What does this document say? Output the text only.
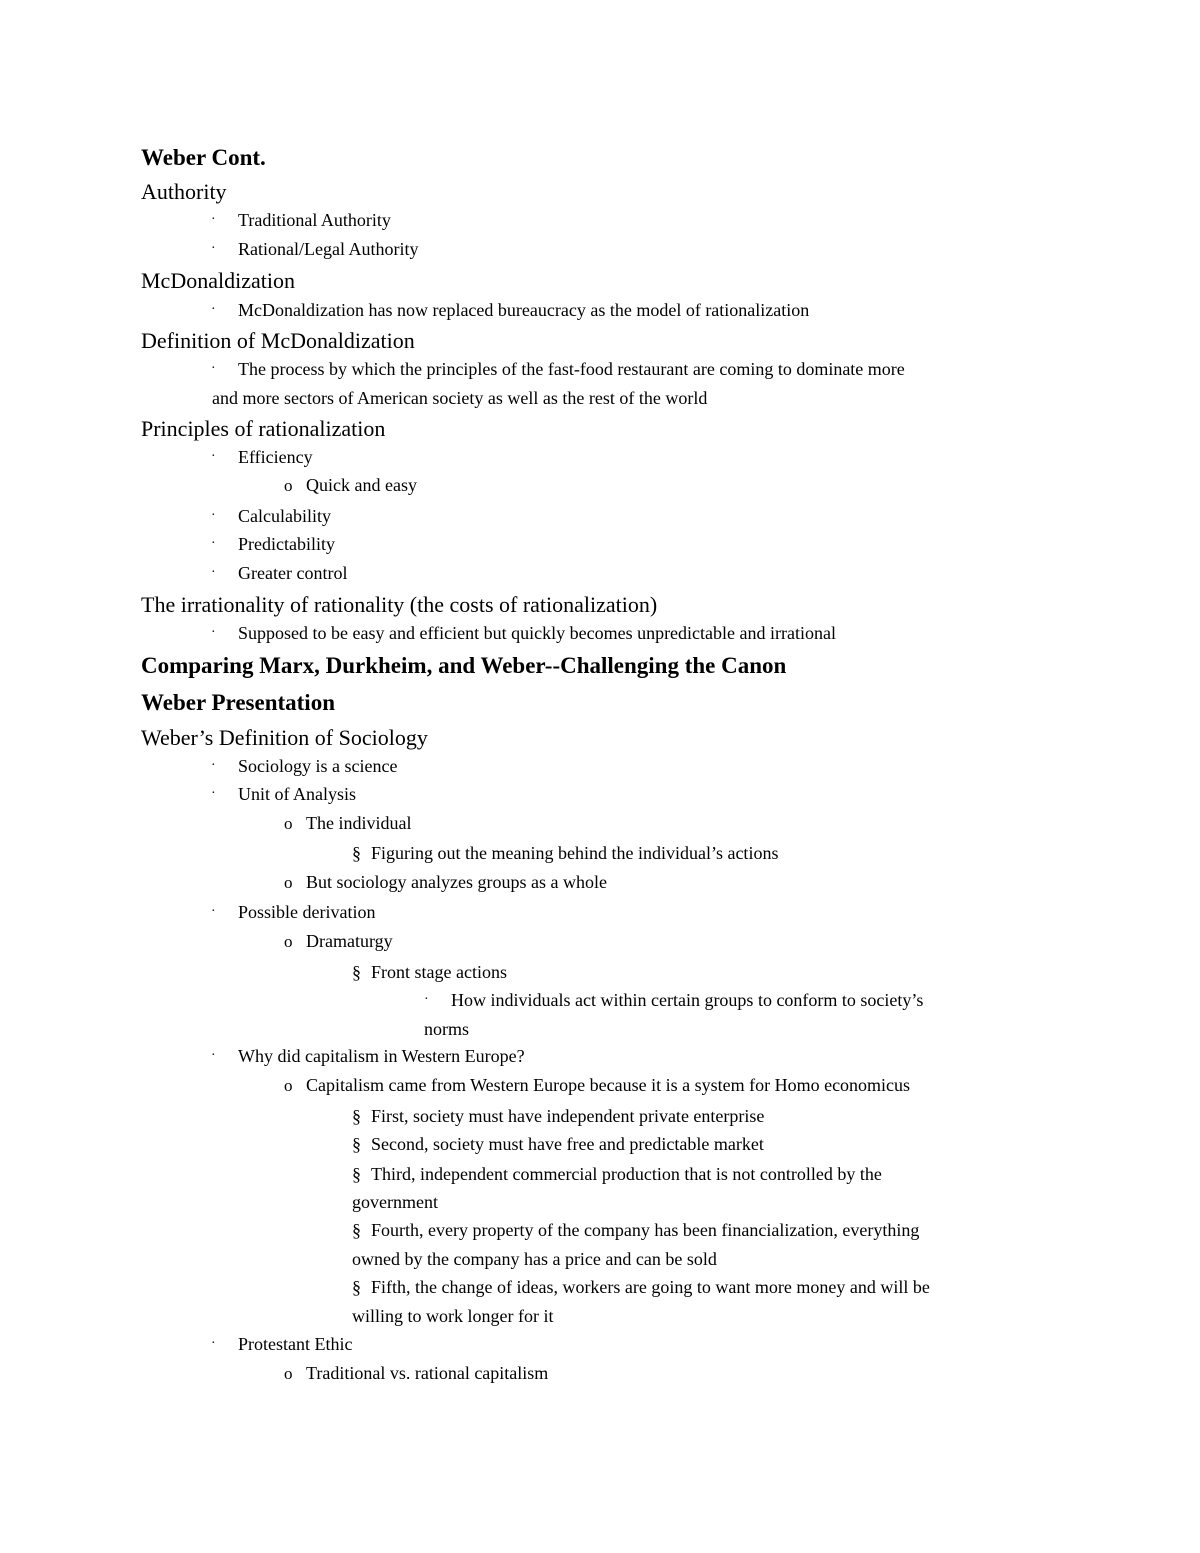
Weber Cont.
Authority
· Traditional Authority
· Rational/Legal Authority
McDonaldization
· McDonaldization has now replaced bureaucracy as the model of rationalization
Definition of McDonaldization
· The process by which the principles of the fast-food restaurant are coming to dominate more
and more sectors of American society as well as the rest of the world
Principles of rationalization
· Efficiency
o Quick and easy
· Calculability
· Predictability
· Greater control
The irrationality of rationality (the costs of rationalization)
· Supposed to be easy and efficient but quickly becomes unpredictable and irrational
Comparing Marx, Durkheim, and Weber--Challenging the Canon
Weber Presentation
Weber’s Definition of Sociology
· Sociology is a science
· Unit of Analysis
o The individual
§ Figuring out the meaning behind the individual’s actions
o But sociology analyzes groups as a whole
· Possible derivation
o Dramaturgy
§ Front stage actions
· How individuals act within certain groups to conform to society’s
norms
· Why did capitalism in Western Europe?
o Capitalism came from Western Europe because it is a system for Homo economicus
§ First, society must have independent private enterprise
§ Second, society must have free and predictable market
§ Third, independent commercial production that is not controlled by the
government
§ Fourth, every property of the company has been financialization, everything
owned by the company has a price and can be sold
§ Fifth, the change of ideas, workers are going to want more money and will be
willing to work longer for it
· Protestant Ethic
o Traditional vs. rational capitalism
